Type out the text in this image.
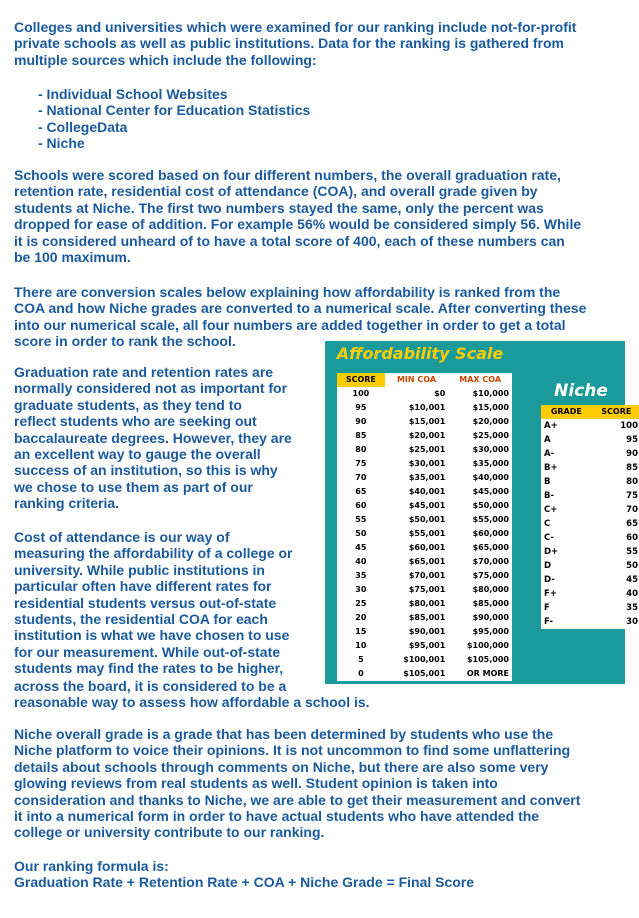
Colleges and universities which were examined for our ranking include not-for-profit

private schools as well as public institutions. Data for the ranking is gathered from

multiple sources which include the following:

- Individual School Websites

- National Center for Education Statistics

- CollegeData

- Niche

Schools were scored based on four different numbers, the overall graduation rate,

retention rate, residential cost of attendance (COA), and overall grade given by

students at Niche. The first two numbers stayed the same, only the percent was

dropped for ease of addition. For example 56% would be considered simply 56. While

it is considered unheard of to have a total score of 400, each of these numbers can

be 100 maximum.

There are conversion scales below explaining how affordability is ranked from the

COA and how Niche grades are converted to a numerical scale. After converting these

into our numerical scale, all four numbers are added together in order to get a total

score in order to rank the school.

Graduation rate and retention rates are

normally considered not as important for

graduate students, as they tend to

reflect students who are seeking out

baccalaureate degrees. However, they are

an excellent way to gauge the overall

success of an institution, so this is why

we chose to use them as part of our

ranking criteria.

Cost of attendance is our way of

measuring the affordability of a college or

university. While public institutions in

particular often have different rates for

residential students versus out-of-state

students, the residential COA for each

institution is what we have chosen to use

for our measurement. While out-of-state

students may find the rates to be higher,

across the board, it is considered to be a

reasonable way to assess how affordable a school is.

Niche overall grade is a grade that has been determined by students who use the

Niche platform to voice their opinions. It is not uncommon to find some unflattering

details about schools through comments on Niche, but there are also some very

glowing reviews from real students as well. Student opinion is taken into

consideration and thanks to Niche, we are able to get their measurement and convert

it into a numerical form in order to have actual students who have attended the

college or university contribute to our ranking.

Our ranking formula is:

Graduation Rate + Retention Rate + COA + Niche Grade = Final Score

Affordability Scale
SCORE	MIN COA	MAX COA
100	$0	$10,000
95	$10,001	$15,000
90	$15,001	$20,000
85	$20,001	$25,000
80	$25,001	$30,000
75	$30,001	$35,000
70	$35,001	$40,000
65	$40,001	$45,000
60	$45,001	$50,000
55	$50,001	$55,000
50	$55,001	$60,000
45	$60,001	$65,000
40	$65,001	$70,000
35	$70,001	$75,000
30	$75,001	$80,000
25	$80,001	$85,000
20	$85,001	$90,000
15	$90,001	$95,000
10	$95,001	$100,000
5	$100,001	$105,000
0	$105,001	OR MORE
Niche
GRADE	SCORE
A+	100
A	95
A-	90
B+	85
B	80
B-	75
C+	70
C	65
C-	60
D+	55
D	50
D-	45
F+	40
F	35
F-	30
